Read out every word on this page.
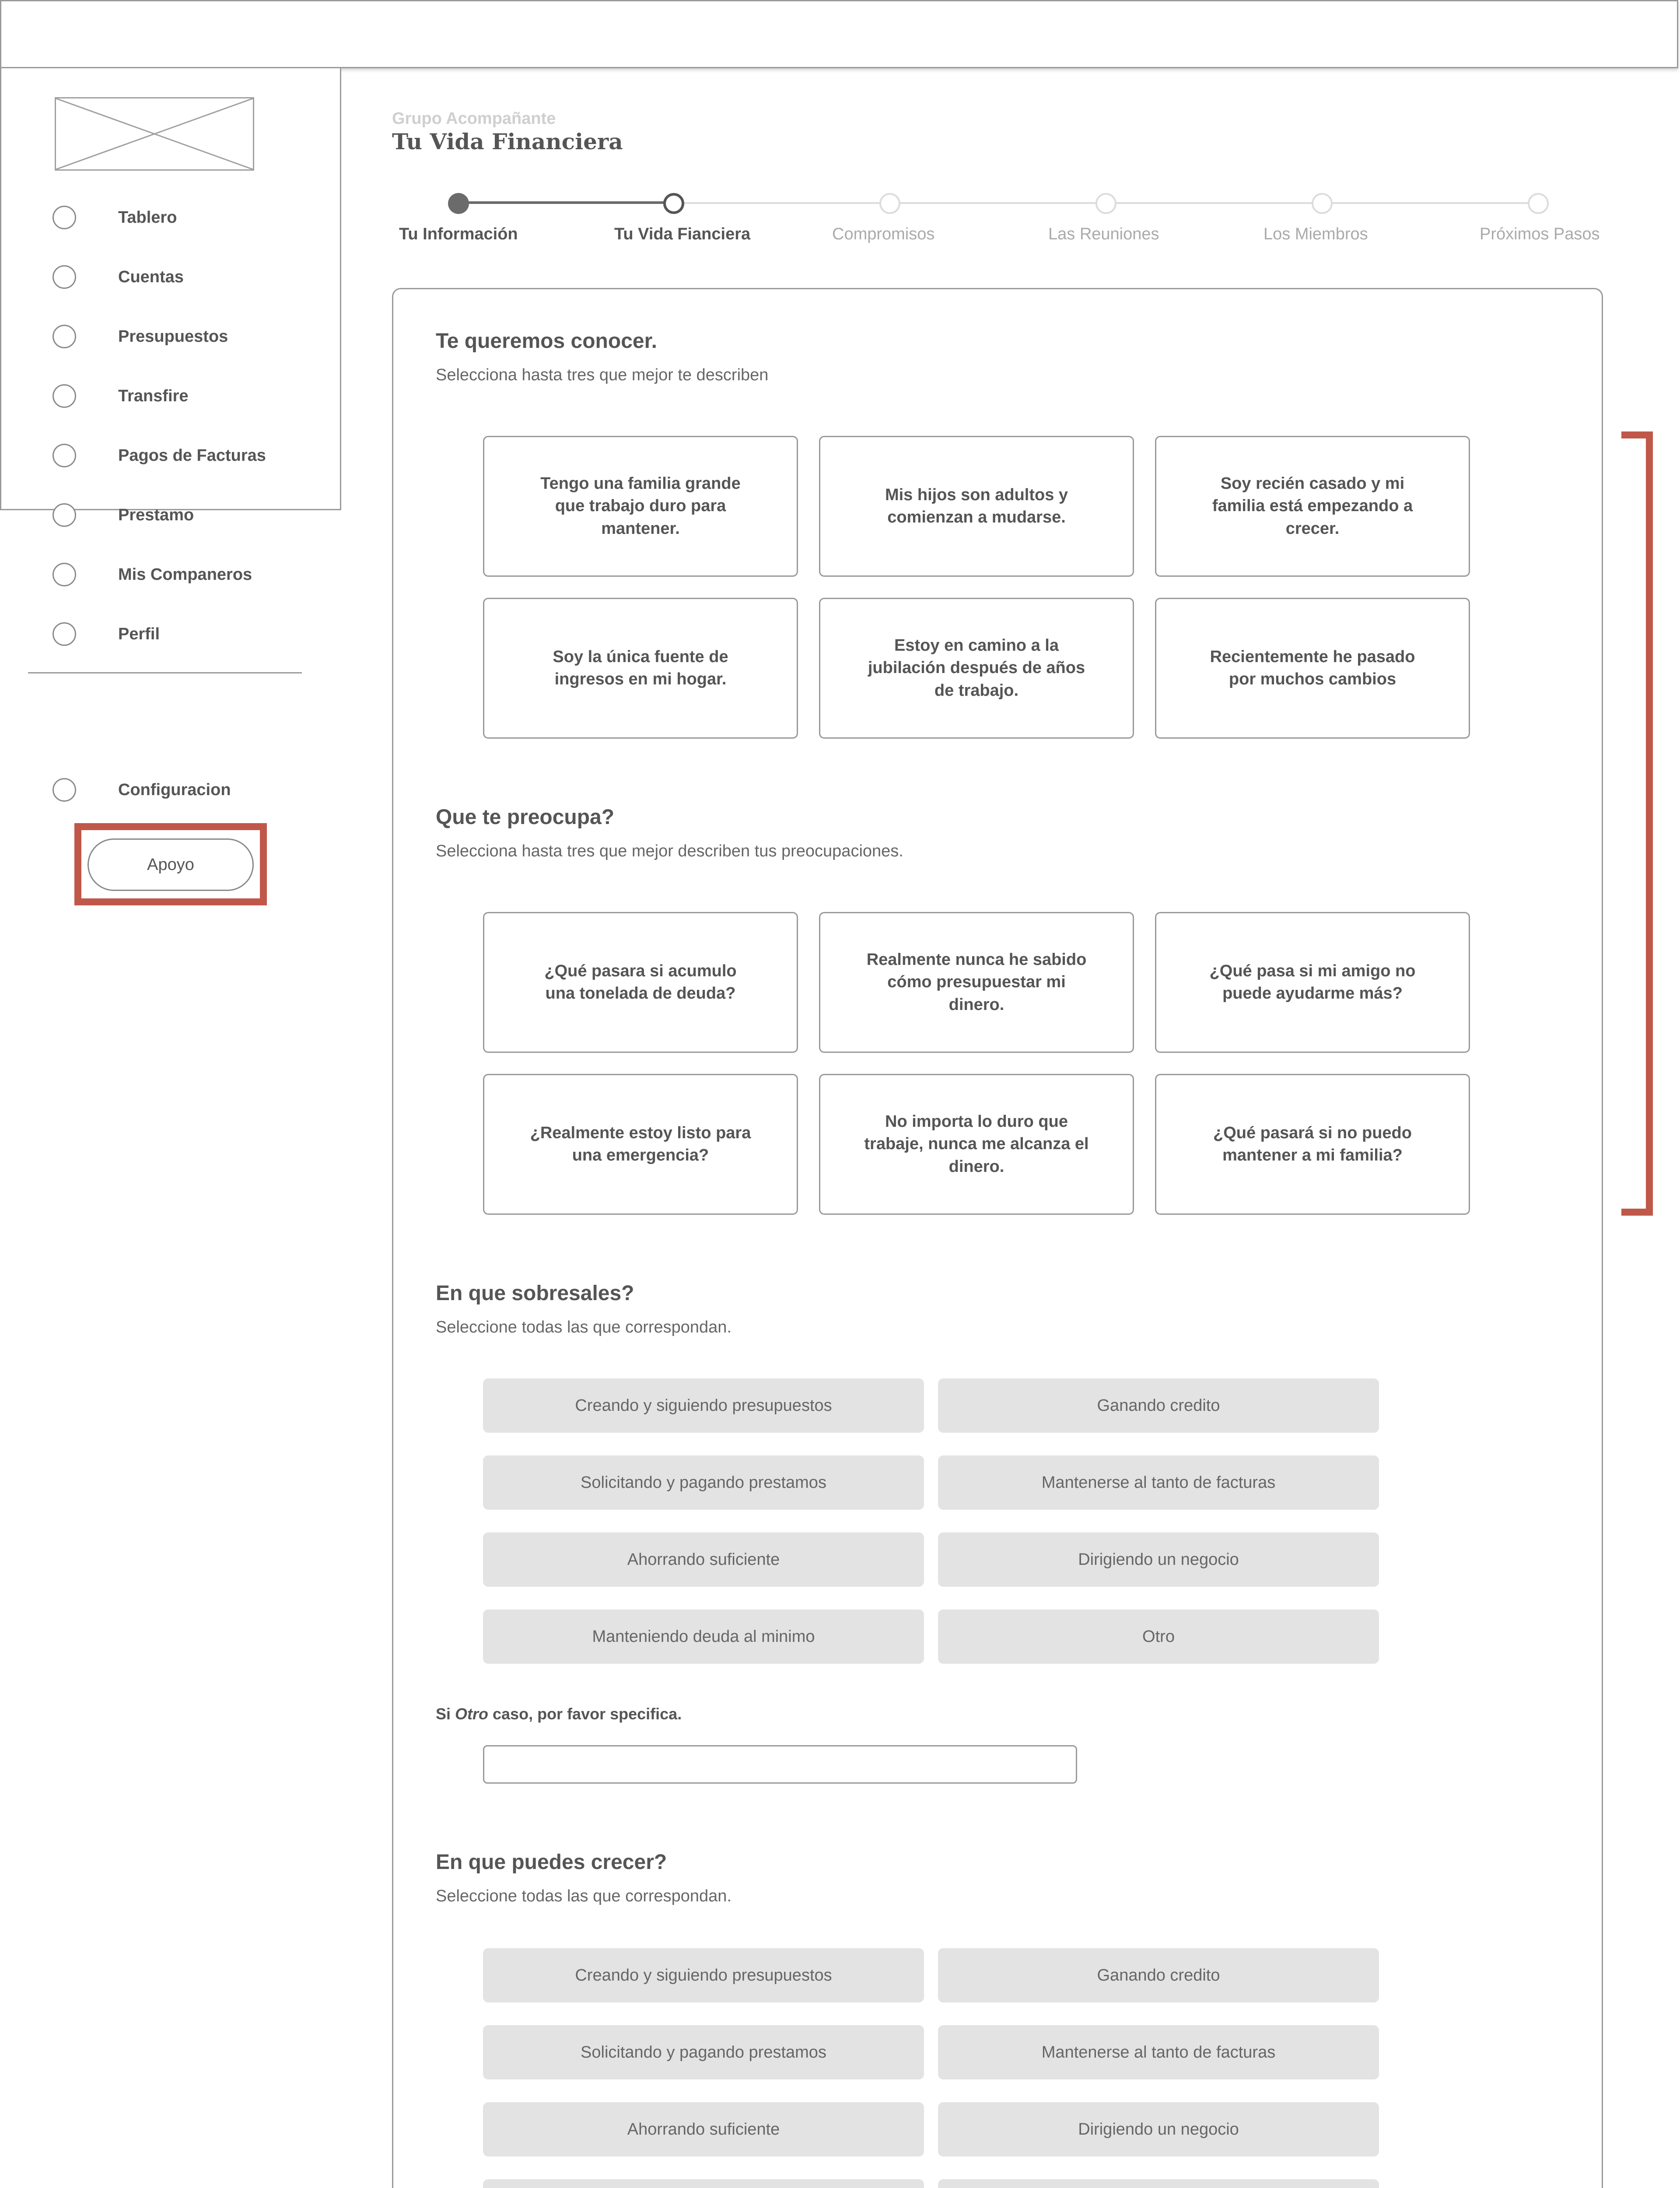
Tablero
Cuentas
Presupuestos
Transfire
Pagos de Facturas
Prestamo
Mis Companeros
Perfil
Configuracion
Apoyo
Grupo Acompañante
Tu Vida Financiera
Tu Información	Tu Vida Fianciera	Compromisos	Las Reuniones	Los Miembros	Próximos Pasos
Te queremos conocer.
Selecciona hasta tres que mejor te describen
Tengo una familia grande que trabajo duro para mantener.
Mis hijos son adultos y comienzan a mudarse.
Soy recién casado y mi familia está empezando a crecer.
Soy la única fuente de ingresos en mi hogar.
Estoy en camino a la jubilación después de años de trabajo.
Recientemente he pasado por muchos cambios
Que te preocupa?
Selecciona hasta tres que mejor describen tus preocupaciones.
¿Qué pasara si acumulo una tonelada de deuda?
Realmente nunca he sabido cómo presupuestar mi dinero.
¿Qué pasa si mi amigo no puede ayudarme más?
¿Realmente estoy listo para una emergencia?
No importa lo duro que trabaje, nunca me alcanza el dinero.
¿Qué pasará si no puedo mantener a mi familia?
En que sobresales?
Seleccione todas las que correspondan.
Creando y siguiendo presupuestos	Ganando credito
Solicitando y pagando prestamos	Mantenerse al tanto de facturas
Ahorrando suficiente	Dirigiendo un negocio
Manteniendo deuda al minimo	Otro
Si Otro caso, por favor specifica.
En que puedes crecer?
Seleccione todas las que correspondan.
Creando y siguiendo presupuestos	Ganando credito
Solicitando y pagando prestamos	Mantenerse al tanto de facturas
Ahorrando suficiente	Dirigiendo un negocio
